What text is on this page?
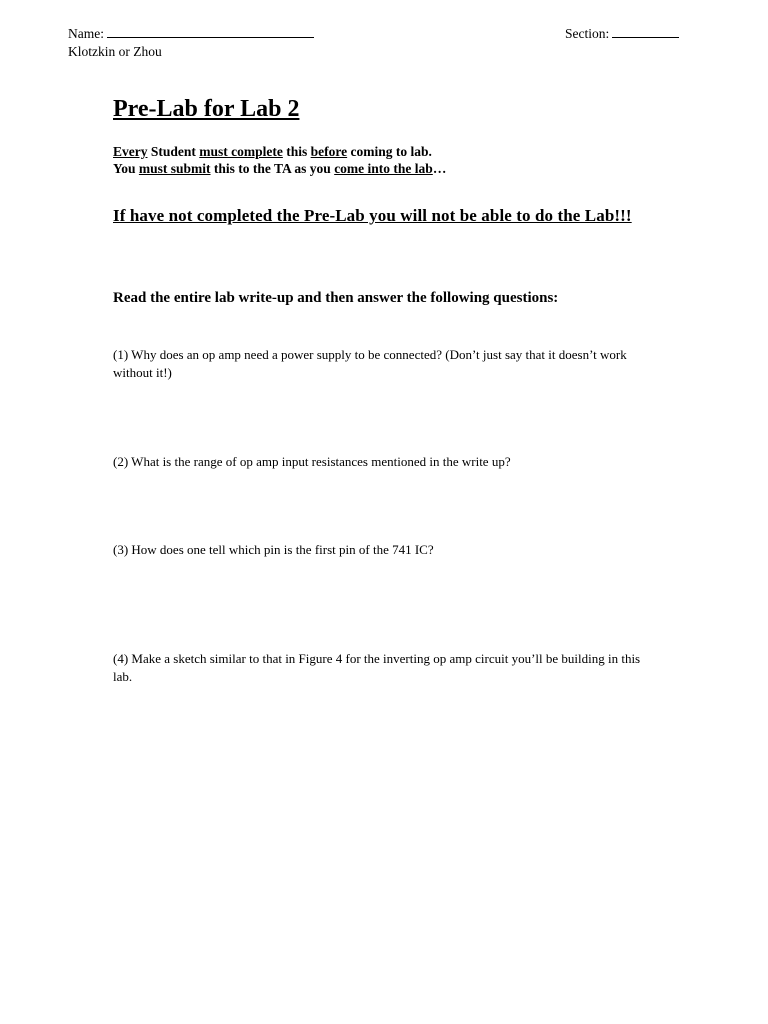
Name:
Klotzkin or Zhou
Section:
Pre-Lab for Lab 2
Every Student must complete this before coming to lab.
You must submit this to the TA as you come into the lab…
If have not completed the Pre-Lab you will not be able to do the Lab!!!
Read the entire lab write-up and then answer the following questions:
(1) Why does an op amp need a power supply to be connected? (Don’t just say that it doesn’t work without it!)
(2) What is the range of op amp input resistances mentioned in the write up?
(3) How does one tell which pin is the first pin of the 741 IC?
(4) Make a sketch similar to that in Figure 4 for the inverting op amp circuit you’ll be building in this lab.
